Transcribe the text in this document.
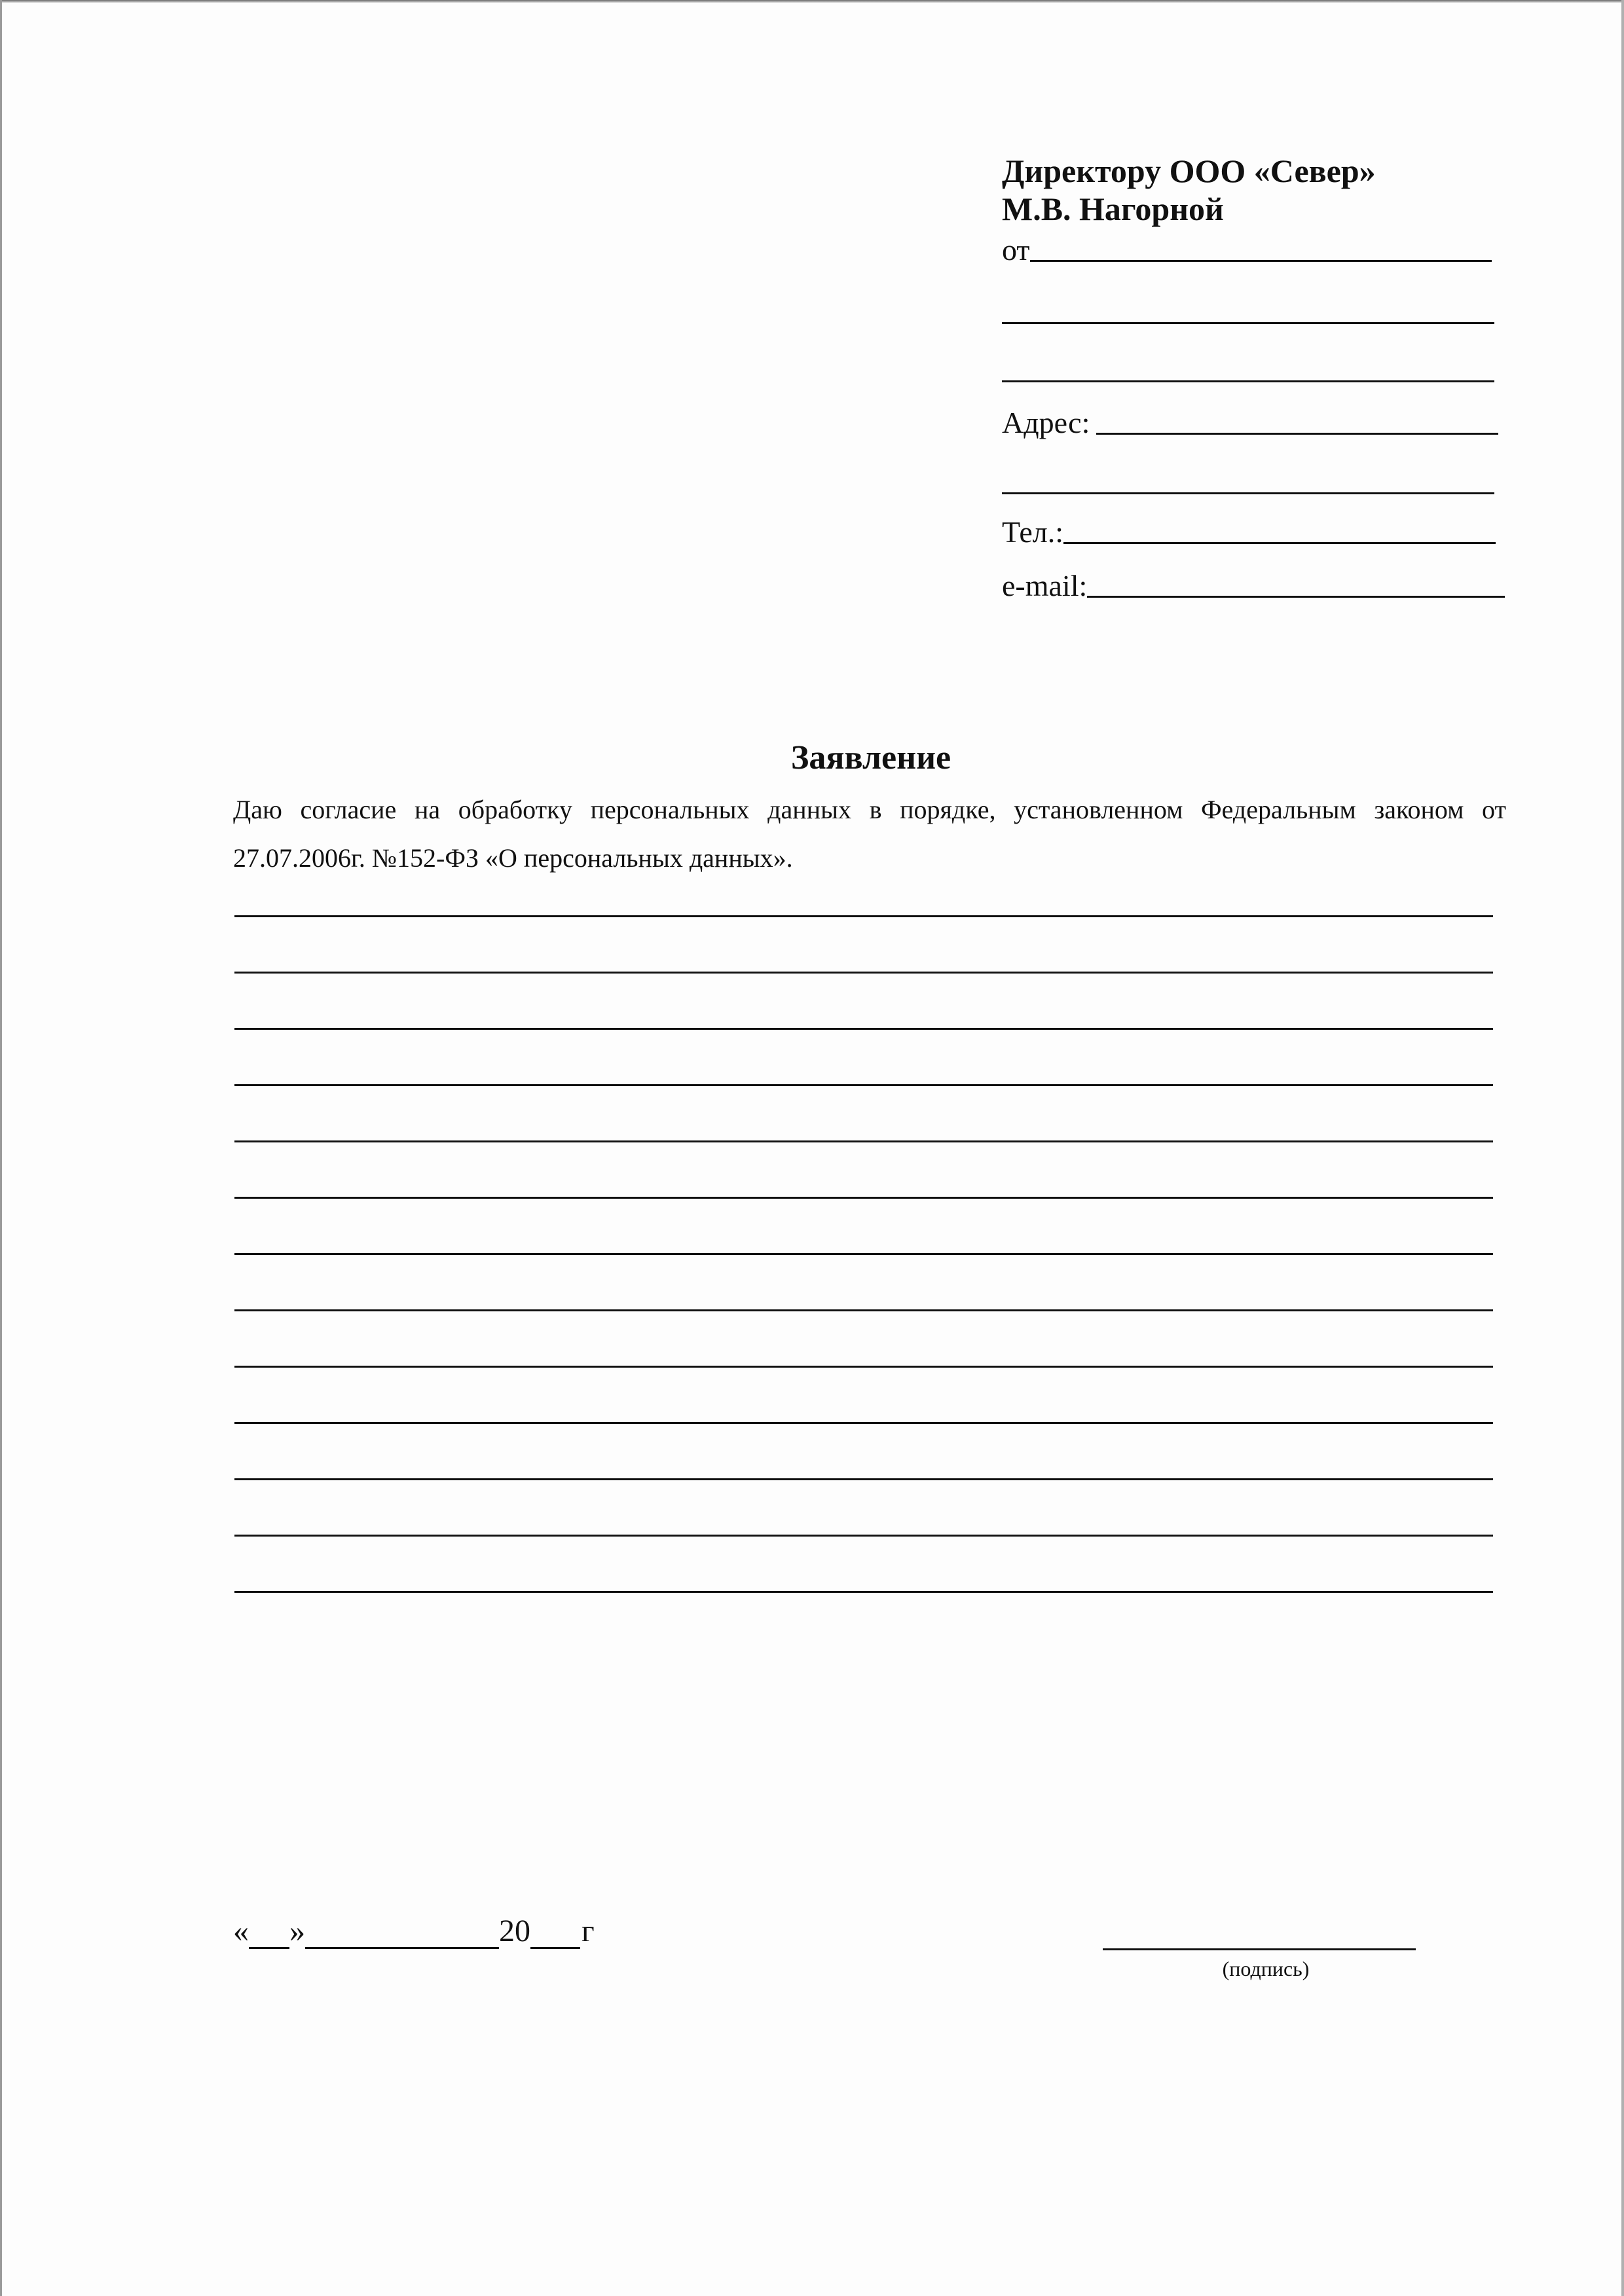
Директору ООО «Север»
М.В. Нагорной
от
Адрес:
Тел.:
e-mail:
Заявление
Даю согласие на обработку персональных данных в порядке, установленном Федеральным законом от 27.07.2006г. №152-ФЗ «О персональных данных».
« »	20 г
(подпись)
